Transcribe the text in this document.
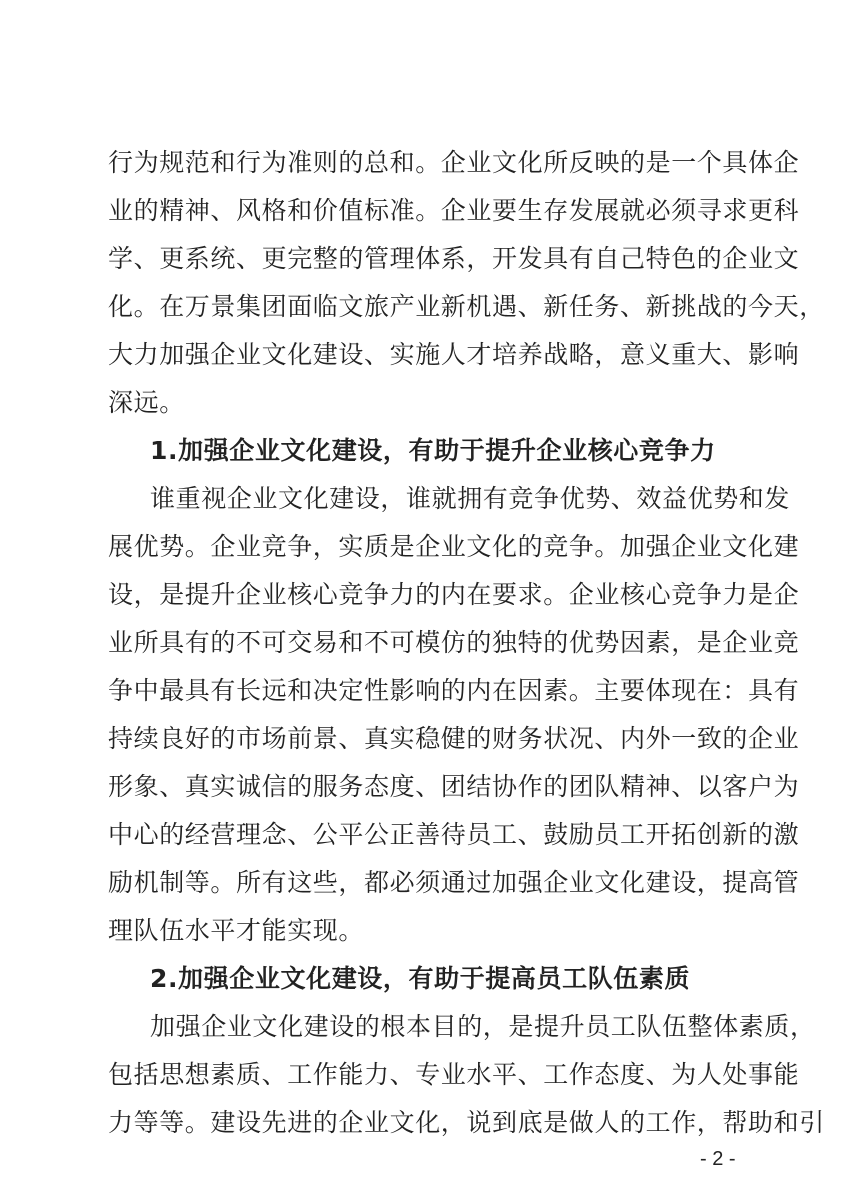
行为规范和行为准则的总和。企业文化所反映的是一个具体企
业的精神、风格和价值标准。企业要生存发展就必须寻求更科
学、更系统、更完整的管理体系，开发具有自己特色的企业文
化。在万景集团面临文旅产业新机遇、新任务、新挑战的今天，
大力加强企业文化建设、实施人才培养战略，意义重大、影响
深远。
1.加强企业文化建设，有助于提升企业核心竞争力
谁重视企业文化建设，谁就拥有竞争优势、效益优势和发
展优势。企业竞争，实质是企业文化的竞争。加强企业文化建
设，是提升企业核心竞争力的内在要求。企业核心竞争力是企
业所具有的不可交易和不可模仿的独特的优势因素，是企业竞
争中最具有长远和决定性影响的内在因素。主要体现在：具有
持续良好的市场前景、真实稳健的财务状况、内外一致的企业
形象、真实诚信的服务态度、团结协作的团队精神、以客户为
中心的经营理念、公平公正善待员工、鼓励员工开拓创新的激
励机制等。所有这些，都必须通过加强企业文化建设，提高管
理队伍水平才能实现。
2.加强企业文化建设，有助于提高员工队伍素质
加强企业文化建设的根本目的，是提升员工队伍整体素质，
包括思想素质、工作能力、专业水平、工作态度、为人处事能
力等等。建设先进的企业文化，说到底是做人的工作，帮助和引
- 2 -
